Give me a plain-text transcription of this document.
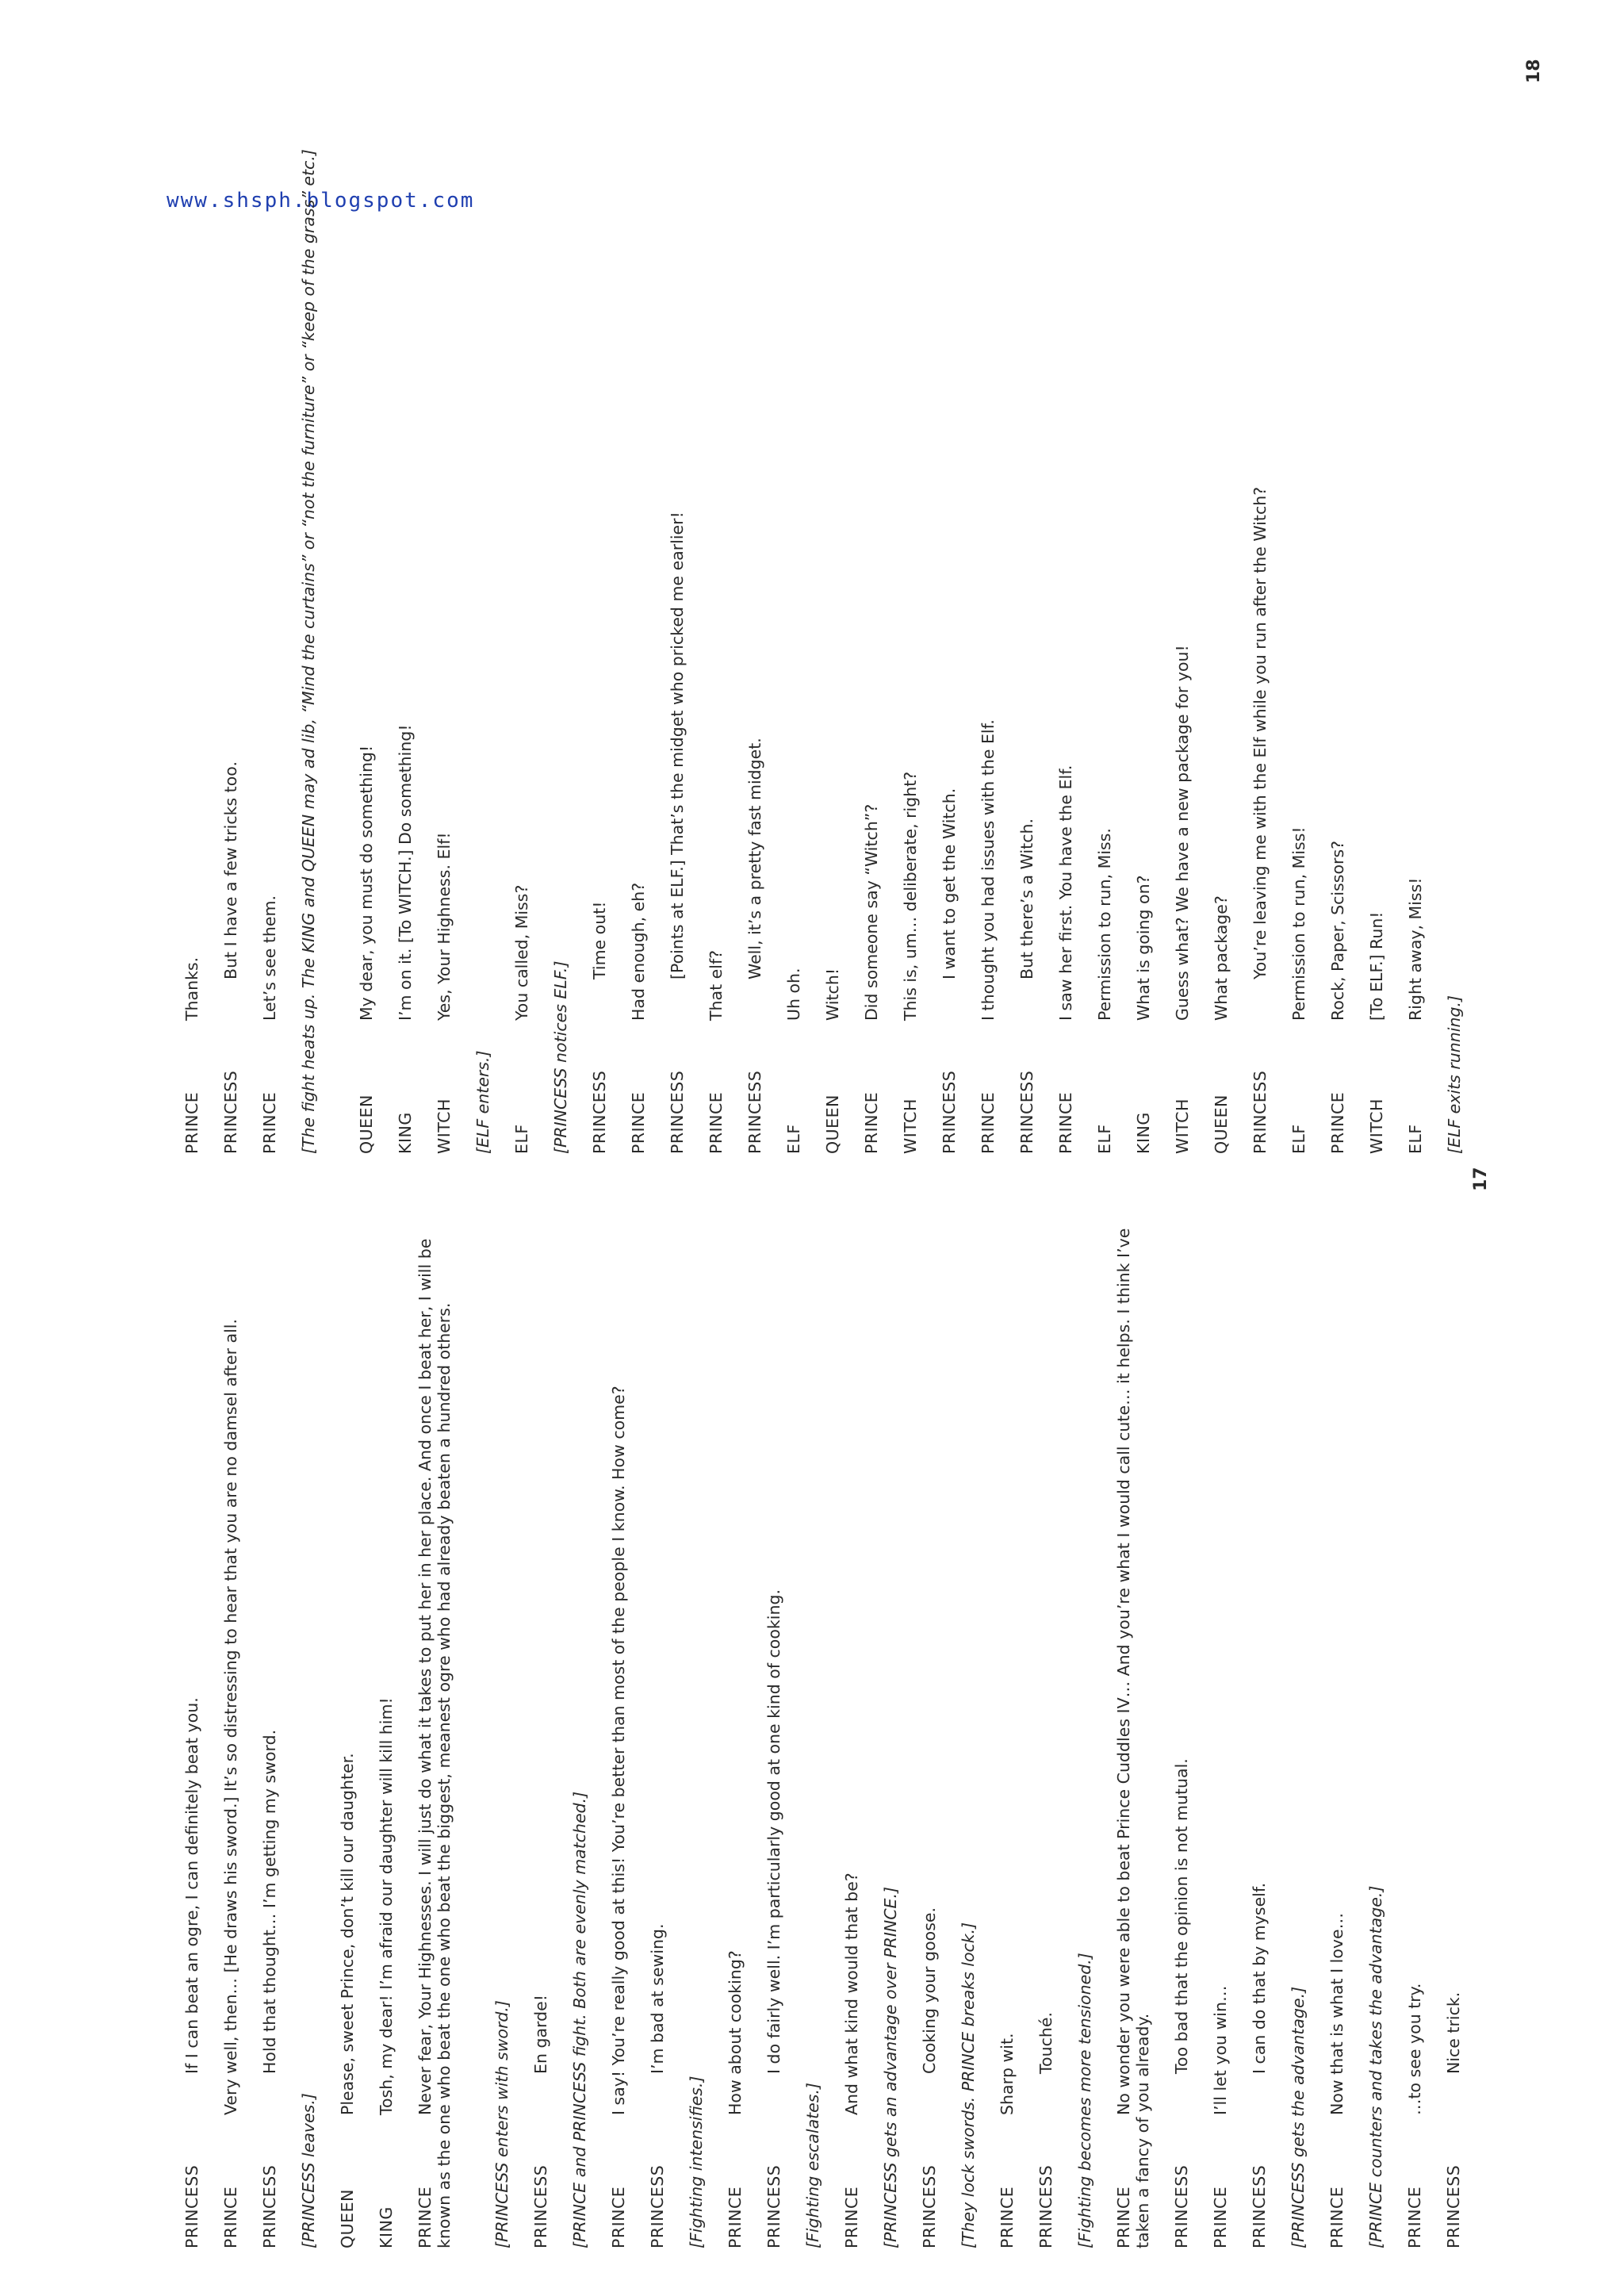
www.shsph.blogspot.com
PRINCESS
If I can beat an ogre, I can definitely beat you.
PRINCE
Very well, then… [He draws his sword.] It’s so distressing to hear that you are no damsel after all.
PRINCESS
Hold that thought… I’m getting my sword.
[PRINCESS leaves.] QUEEN
Please, sweet Prince, don’t kill our daughter.
KING
Tosh, my dear! I’m afraid our daughter will kill him!
PRINCE
Never fear, Your Highnesses. I will just do what it takes to put her in her place. And once I beat her, I will be known as the one who beat the one who beat the biggest, meanest ogre who had already beaten a hundred others. [PRINCESS enters with sword.] PRINCESS
En garde! [PRINCE and PRINCESS fight. Both are evenly matched.] PRINCE
I say! You’re really good at this! You’re better than most of the people I know. How come?
PRINCESS
I’m bad at sewing.
[Fighting intensifies.] PRINCE
How about cooking?
PRINCESS
I do fairly well. I’m particularly good at one kind of cooking.
[Fighting escalates.] PRINCE
And what kind would that be? [PRINCESS gets an advantage over PRINCE.] PRINCESS
Cooking your goose. [They lock swords. PRINCE breaks lock.] PRINCE
Sharp wit.
PRINCESS
Touché. [Fighting becomes more tensioned.] PRINCE
No wonder you were able to beat Prince Cuddles IV… And you’re what I would call cute… it helps. I think I’ve taken a fancy of you already. PRINCESS
Too bad that the opinion is not mutual.
PRINCE
I’ll let you win…
PRINCESS
I can do that by myself.
[PRINCESS gets the advantage.] PRINCE
Now that is what I love… [PRINCE counters and takes the advantage.] PRINCE
…to see you try.
PRINCESS
Nice trick.
PRINCE
Thanks.
PRINCESS
But I have a few tricks too.
PRINCE
Let’s see them. [The fight heats up. The KING and QUEEN may ad lib, “Mind the curtains” or “not the furniture” or “keep of the grass” etc.] QUEEN
My dear, you must do something!
KING
I’m on it. [To WITCH.] Do something!
WITCH
Yes, Your Highness. Elf!
[ELF enters.] ELF
You called, Miss?
[PRINCESS notices ELF.] PRINCESS
Time out!
PRINCE
Had enough, eh?
PRINCESS
[Points at ELF.] That’s the midget who pricked me earlier!
PRINCE
That elf?
PRINCESS
Well, it’s a pretty fast midget.
ELF
Uh oh.
QUEEN
Witch!
PRINCE
Did someone say “Witch”?
WITCH
This is, um… deliberate, right?
PRINCESS
I want to get the Witch.
PRINCE
I thought you had issues with the Elf.
PRINCESS
But there’s a Witch.
PRINCE
I saw her first. You have the Elf.
ELF
Permission to run, Miss.
KING
What is going on?
WITCH
Guess what? We have a new package for you!
QUEEN
What package?
PRINCESS
You’re leaving me with the Elf while you run after the Witch?
ELF
Permission to run, Miss!
PRINCE
Rock, Paper, Scissors?
WITCH
[To ELF.] Run!
ELF
Right away, Miss!
[ELF exits running.]
17
18
